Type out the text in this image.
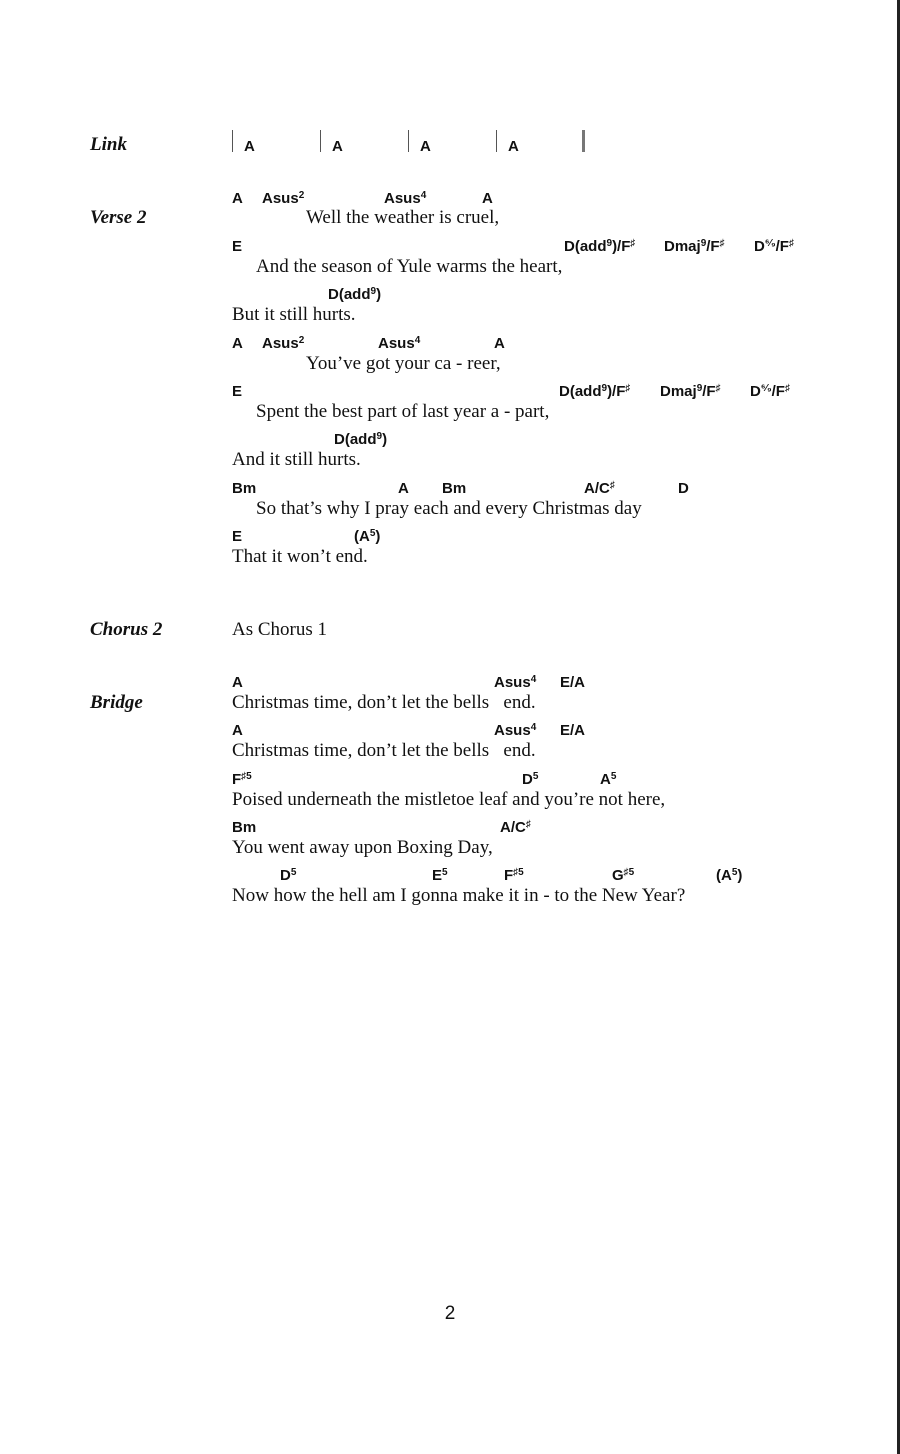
Link	A	A	A	A
Verse 2
A Asus$^2$	Asus$^4$	A
Well the weather is cruel,
E	D(add$^9$)/F♯ Dmaj$^9$/F♯ $D^{^6⁄_9}/F^♯$
And the season of Yule warms the heart,
D(add$^9$)
But it still hurts.
A Asus$^2$	Asus$^4$	A
You’ve got your ca - reer,
E	D(add$^9$)/F♯ Dmaj$^9$/F♯ $D^{^6⁄_9}/F^♯$
Spent the best part of last year a - part,
D(add$^9$)
And it still hurts.
Bm	A Bm	A/C♯	D
So that’s why I pray each and every Christmas day
E	$(A^5)$
That it won’t end.
Chorus 2	As Chorus 1
Bridge
A	Asus$^4$ E/A
Christmas time, don’t let the bells   end.
A	Asus$^4$ E/A
Christmas time, don’t let the bells   end.
$F^{♯5}$	$D^5$	$A^5$
Poised underneath the mistletoe leaf and you’re not here,
Bm	A/C♯
You went away upon Boxing Day,
$D^5$	$E^5$	$F^{♯5}$	$G^{♯5}$	$(A^5)$
Now how the hell am I gonna make it in - to the New Year?
2
